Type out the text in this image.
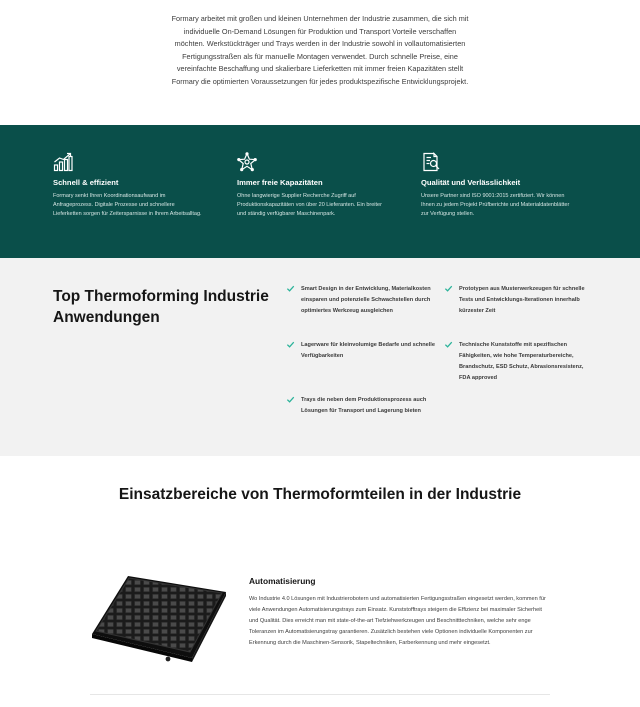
Formary arbeitet mit großen und kleinen Unternehmen der Industrie zusammen, die sich mit individuelle On-Demand Lösungen für Produktion und Transport Vorteile verschaffen möchten. Werkstückträger und Trays werden in der Industrie sowohl in vollautomatisierten Fertigungsstraßen als für manuelle Montagen verwendet. Durch schnelle Preise, eine vereinfachte Beschaffung und skalierbare Lieferketten mit immer freien Kapazitäten stellt Formary die optimierten Voraussetzungen für jedes produktspezifische Entwicklungsprojekt.
Schnell & effizient
Formary senkt Ihren Koordinationsaufwand im Anfrageprozess. Digitale Prozesse und schnellere Lieferketten sorgen für Zeitersparnisse in Ihrem Arbeitsalltag.
Immer freie Kapazitäten
Ohne langwierige Supplier Recherche Zugriff auf Produktionskapazitäten von über 20 Lieferanten. Ein breiter und ständig verfügbarer Maschinenpark.
Qualität und Verlässlichkeit
Unsere Partner sind ISO 9001:2015 zertifiziert. Wir können Ihnen zu jedem Projekt Prüfberichte und Materialdatenblätter zur Verfügung stellen.
Top Thermoforming Industrie Anwendungen
Smart Design in der Entwicklung, Materialkosten einsparen und potenzielle Schwachstellen durch optimiertes Werkzeug ausgleichen
Prototypen aus Musterwerkzeugen für schnelle Tests und Entwicklungs-Iterationen innerhalb kürzester Zeit
Lagerware für kleinvolumige Bedarfe und schnelle Verfügbarkeiten
Technische Kunststoffe mit spezifischen Fähigkeiten, wie hohe Temperaturbereiche, Brandschutz, ESD Schutz, Abrasionsresistenz, FDA approved
Trays die neben dem Produktionsprozess auch Lösungen für Transport und Lagerung bieten
Einsatzbereiche von Thermoformteilen in der Industrie
Automatisierung
Wo Industrie 4.0 Lösungen mit Industrierobotern und automatisierten Fertigungsstraßen eingesetzt werden, kommen für viele Anwendungen Automatisierungstrays zum Einsatz. Kunststofftrays steigern die Effizienz bei maximaler Sicherheit und Qualität. Dies erreicht man mit state-of-the-art Tiefziehwerkzeugen und Beschnitttechniken, welche sehr enge Toleranzen im Automatisierungstray garantieren. Zusätzlich bestehen viele Optionen individuelle Komponenten zur Erkennung durch die Maschinen-Sensorik, Stapeltechniken, Farberkennung und mehr eingesetzt.
